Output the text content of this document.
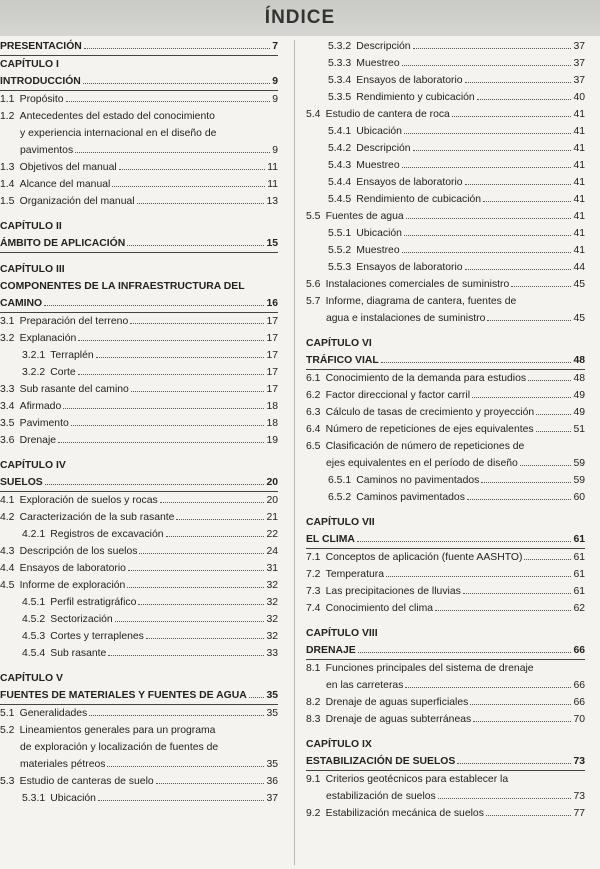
ÍNDICE
PRESENTACIÓN	7
CAPÍTULO I
INTRODUCCIÓN	9
1.1 Propósito	9
1.2 Antecedentes del estado del conocimiento
y experiencia internacional en el diseño de
pavimentos	9
1.3 Objetivos del manual	11
1.4 Alcance del manual	11
1.5 Organización del manual	13
CAPÍTULO II
ÁMBITO DE APLICACIÓN	15
CAPÍTULO III
COMPONENTES DE LA INFRAESTRUCTURA DEL
CAMINO	16
3.1 Preparación del terreno	17
3.2 Explanación	17
3.2.1 Terraplén	17
3.2.2 Corte	17
3.3 Sub rasante del camino	17
3.4 Afirmado	18
3.5 Pavimento	18
3.6 Drenaje	19
CAPÍTULO IV
SUELOS	20
4.1 Exploración de suelos y rocas	20
4.2 Caracterización de la sub rasante	21
4.2.1 Registros de excavación	22
4.3 Descripción de los suelos	24
4.4 Ensayos de laboratorio	31
4.5 Informe de exploración	32
4.5.1 Perfil estratigráfico	32
4.5.2 Sectorización	32
4.5.3 Cortes y terraplenes	32
4.5.4 Sub rasante	33
CAPÍTULO V
FUENTES DE MATERIALES Y FUENTES DE AGUA 35
5.1 Generalidades	35
5.2 Lineamientos generales para un programa
de exploración y localización de fuentes de
materiales pétreos	35
5.3 Estudio de canteras de suelo	36
5.3.1 Ubicación	37
5.3.2 Descripción	37
5.3.3 Muestreo	37
5.3.4 Ensayos de laboratorio	37
5.3.5 Rendimiento y cubicación	40
5.4 Estudio de cantera de roca	41
5.4.1 Ubicación	41
5.4.2 Descripción	41
5.4.3 Muestreo	41
5.4.4 Ensayos de laboratorio	41
5.4.5 Rendimiento de cubicación	41
5.5 Fuentes de agua	41
5.5.1 Ubicación	41
5.5.2 Muestreo	41
5.5.3 Ensayos de laboratorio	44
5.6 Instalaciones comerciales de suministro	45
5.7 Informe, diagrama de cantera, fuentes de
agua e instalaciones de suministro	45
CAPÍTULO VI
TRÁFICO VIAL	48
6.1 Conocimiento de la demanda para estudios	48
6.2 Factor direccional y factor carril	49
6.3 Cálculo de tasas de crecimiento y proyección	49
6.4 Número de repeticiones de ejes equivalentes	51
6.5 Clasificación de número de repeticiones de
ejes equivalentes en el período de diseño	59
6.5.1 Caminos no pavimentados	59
6.5.2 Caminos pavimentados	60
CAPÍTULO VII
EL CLIMA	61
7.1 Conceptos de aplicación (fuente AASHTO)	61
7.2 Temperatura	61
7.3 Las precipitaciones de lluvias	61
7.4 Conocimiento del clima	62
CAPÍTULO VIII
DRENAJE	66
8.1 Funciones principales del sistema de drenaje
en las carreteras	66
8.2 Drenaje de aguas superficiales	66
8.3 Drenaje de aguas subterráneas	70
CAPÍTULO IX
ESTABILIZACIÓN DE SUELOS	73
9.1 Criterios geotécnicos para establecer la
estabilización de suelos	73
9.2 Estabilización mecánica de suelos	77
